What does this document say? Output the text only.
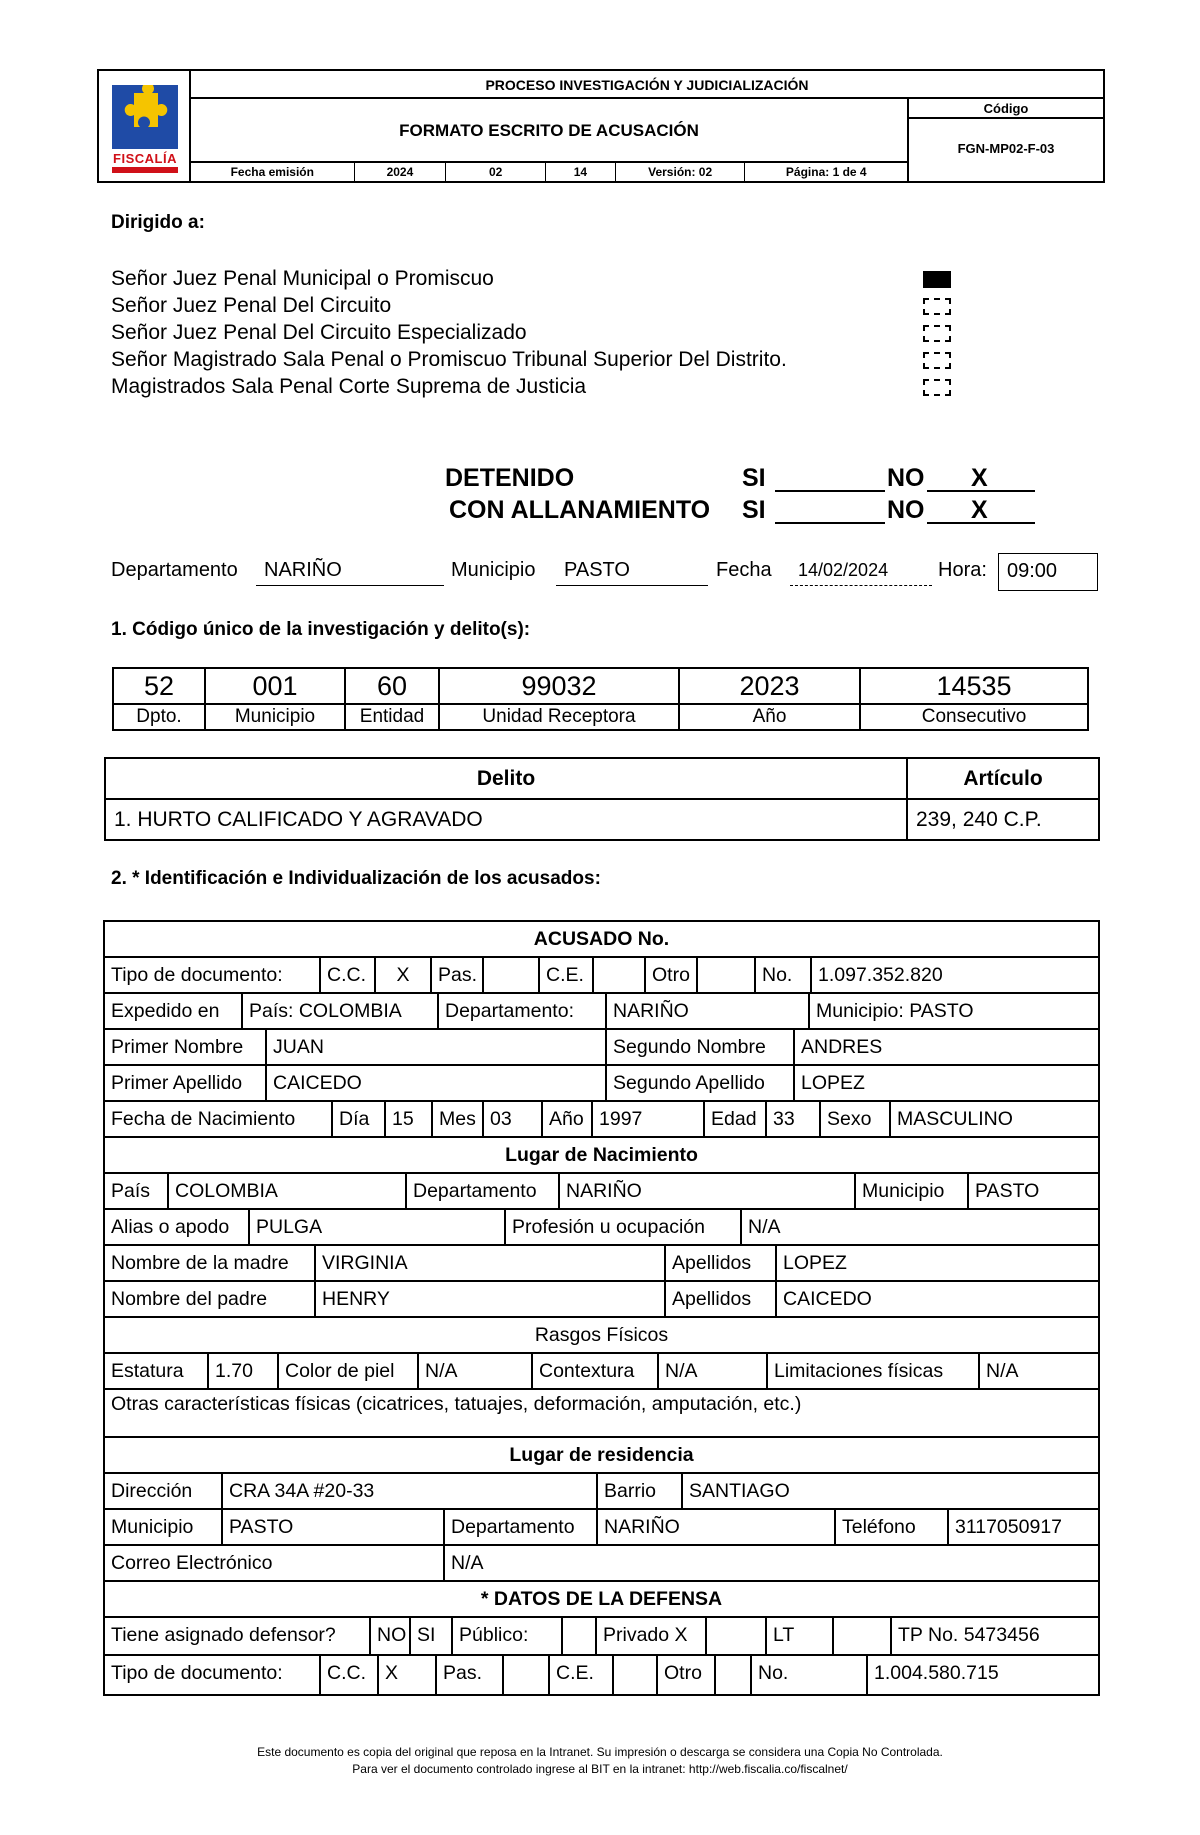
FISCALÍA
PROCESO INVESTIGACIÓN Y JUDICIALIZACIÓN
FORMATO ESCRITO DE ACUSACIÓN
Código
FGN-MP02-F-03
Fecha emisión	2024	02	14	Versión: 02	Página: 1 de 4
Dirigido a:
Señor Juez Penal Municipal o Promiscuo
Señor Juez Penal Del Circuito
Señor Juez Penal Del Circuito Especializado
Señor Magistrado Sala Penal o Promiscuo Tribunal Superior Del Distrito.
Magistrados Sala Penal Corte Suprema de Justicia
DETENIDO	SI	NO X
CON ALLANAMIENTO SI	NO X
Departamento	NARIÑO	Municipio	PASTO	Fecha	14/02/2024	Hora:	09:00
1. Código único de la investigación y delito(s):
52	001	60	99032	2023	14535
Dpto.	Municipio	Entidad	Unidad Receptora	Año	Consecutivo
Delito	Artículo
1. HURTO CALIFICADO Y AGRAVADO	239, 240 C.P.
2. * Identificación e Individualización de los acusados:
ACUSADO No.
Tipo de documento:	C.C.	X	Pas.	C.E.	Otro	No.	1.097.352.820
Expedido en	País: COLOMBIA	Departamento:	NARIÑO	Municipio: PASTO
Primer Nombre	JUAN	Segundo Nombre	ANDRES
Primer Apellido	CAICEDO	Segundo Apellido	LOPEZ
Fecha de Nacimiento	Día	15	Mes 03	Año 1997	Edad 33	Sexo	MASCULINO
Lugar de Nacimiento
País	COLOMBIA	Departamento	NARIÑO	Municipio	PASTO
Alias o apodo	PULGA	Profesión u ocupación	N/A
Nombre de la madre	VIRGINIA	Apellidos	LOPEZ
Nombre del padre	HENRY	Apellidos	CAICEDO
Rasgos Físicos
Estatura	1.70	Color de piel	N/A	Contextura	N/A	Limitaciones físicas	N/A
Otras características físicas (cicatrices, tatuajes, deformación, amputación, etc.)
Lugar de residencia
Dirección	CRA 34A #20-33	Barrio	SANTIAGO
Municipio	PASTO	Departamento	NARIÑO	Teléfono	3117050917
Correo Electrónico	N/A
* DATOS DE LA DEFENSA
Tiene asignado defensor?	NO SI	Público:	Privado X	LT	TP No. 5473456
Tipo de documento:	C.C. X	Pas.	C.E.	Otro	No.	1.004.580.715
Este documento es copia del original que reposa en la Intranet. Su impresión o descarga se considera una Copia No Controlada.
Para ver el documento controlado ingrese al BIT en la intranet: http://web.fiscalia.co/fiscalnet/
